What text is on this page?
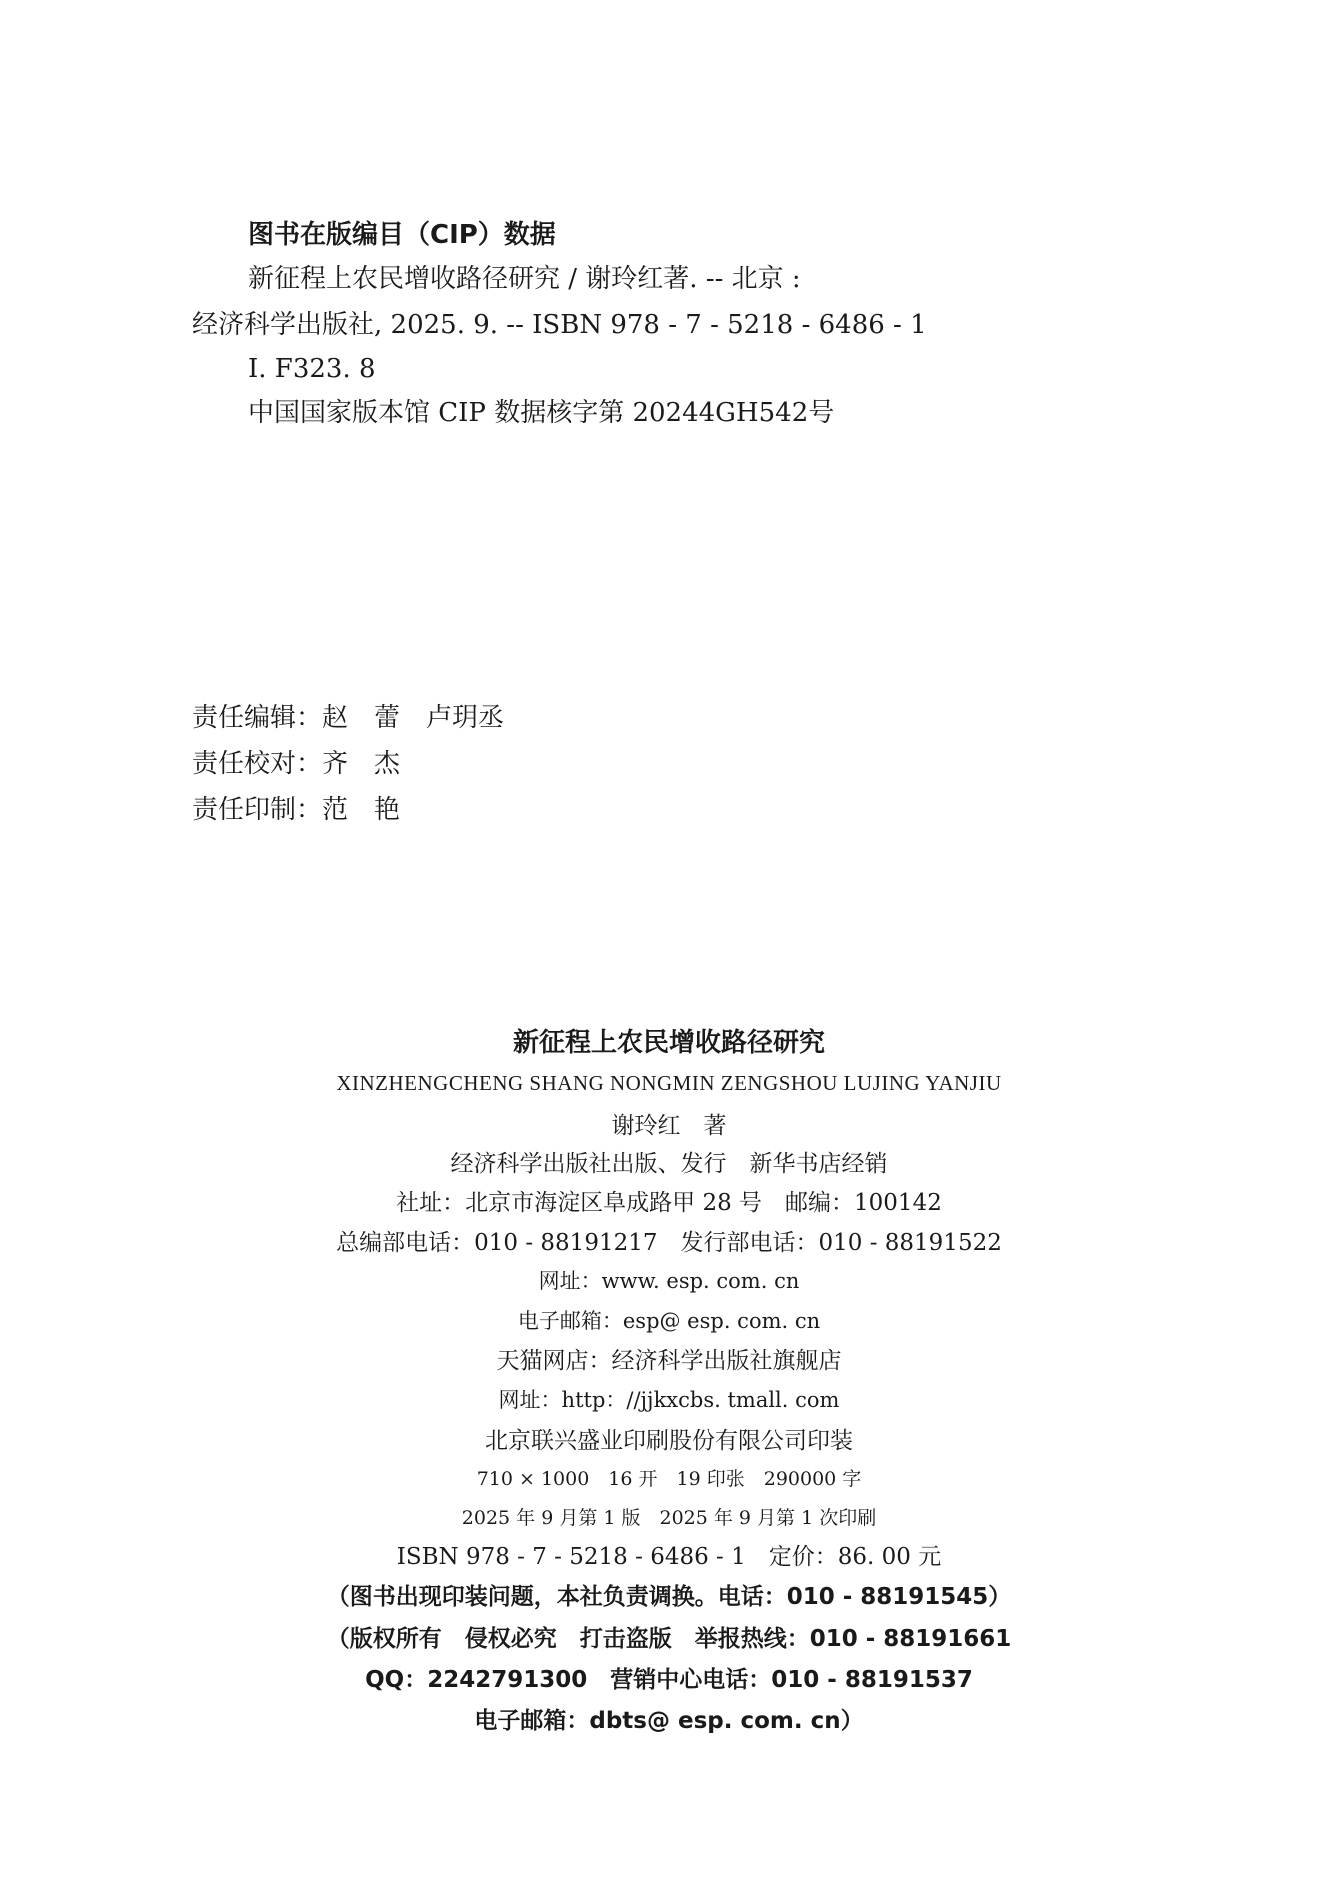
图书在版编目（CIP）数据
新征程上农民增收路径研究 / 谢玲红著. -- 北京 :
经济科学出版社, 2025. 9. -- ISBN 978 - 7 - 5218 - 6486 - 1
Ⅰ. F323. 8
中国国家版本馆 CIP 数据核字第 20244GH542号
责任编辑：赵　蕾　卢玥丞
责任校对：齐　杰
责任印制：范　艳
新征程上农民增收路径研究
XINZHENGCHENG SHANG NONGMIN ZENGSHOU LUJING YANJIU
谢玲红　著
经济科学出版社出版、发行　新华书店经销
社址：北京市海淀区阜成路甲 28 号　邮编：100142
总编部电话：010 - 88191217　发行部电话：010 - 88191522
网址：www. esp. com. cn
电子邮箱：esp@ esp. com. cn
天猫网店：经济科学出版社旗舰店
网址：http：//jjkxcbs. tmall. com
北京联兴盛业印刷股份有限公司印装
710 × 1000　16 开　19 印张　290000 字
2025 年 9 月第 1 版　2025 年 9 月第 1 次印刷
ISBN 978 - 7 - 5218 - 6486 - 1　定价：86. 00 元
（图书出现印装问题，本社负责调换。电话：010 - 88191545）
（版权所有　侵权必究　打击盗版　举报热线：010 - 88191661
QQ：2242791300　营销中心电话：010 - 88191537
电子邮箱：dbts@ esp. com. cn）
